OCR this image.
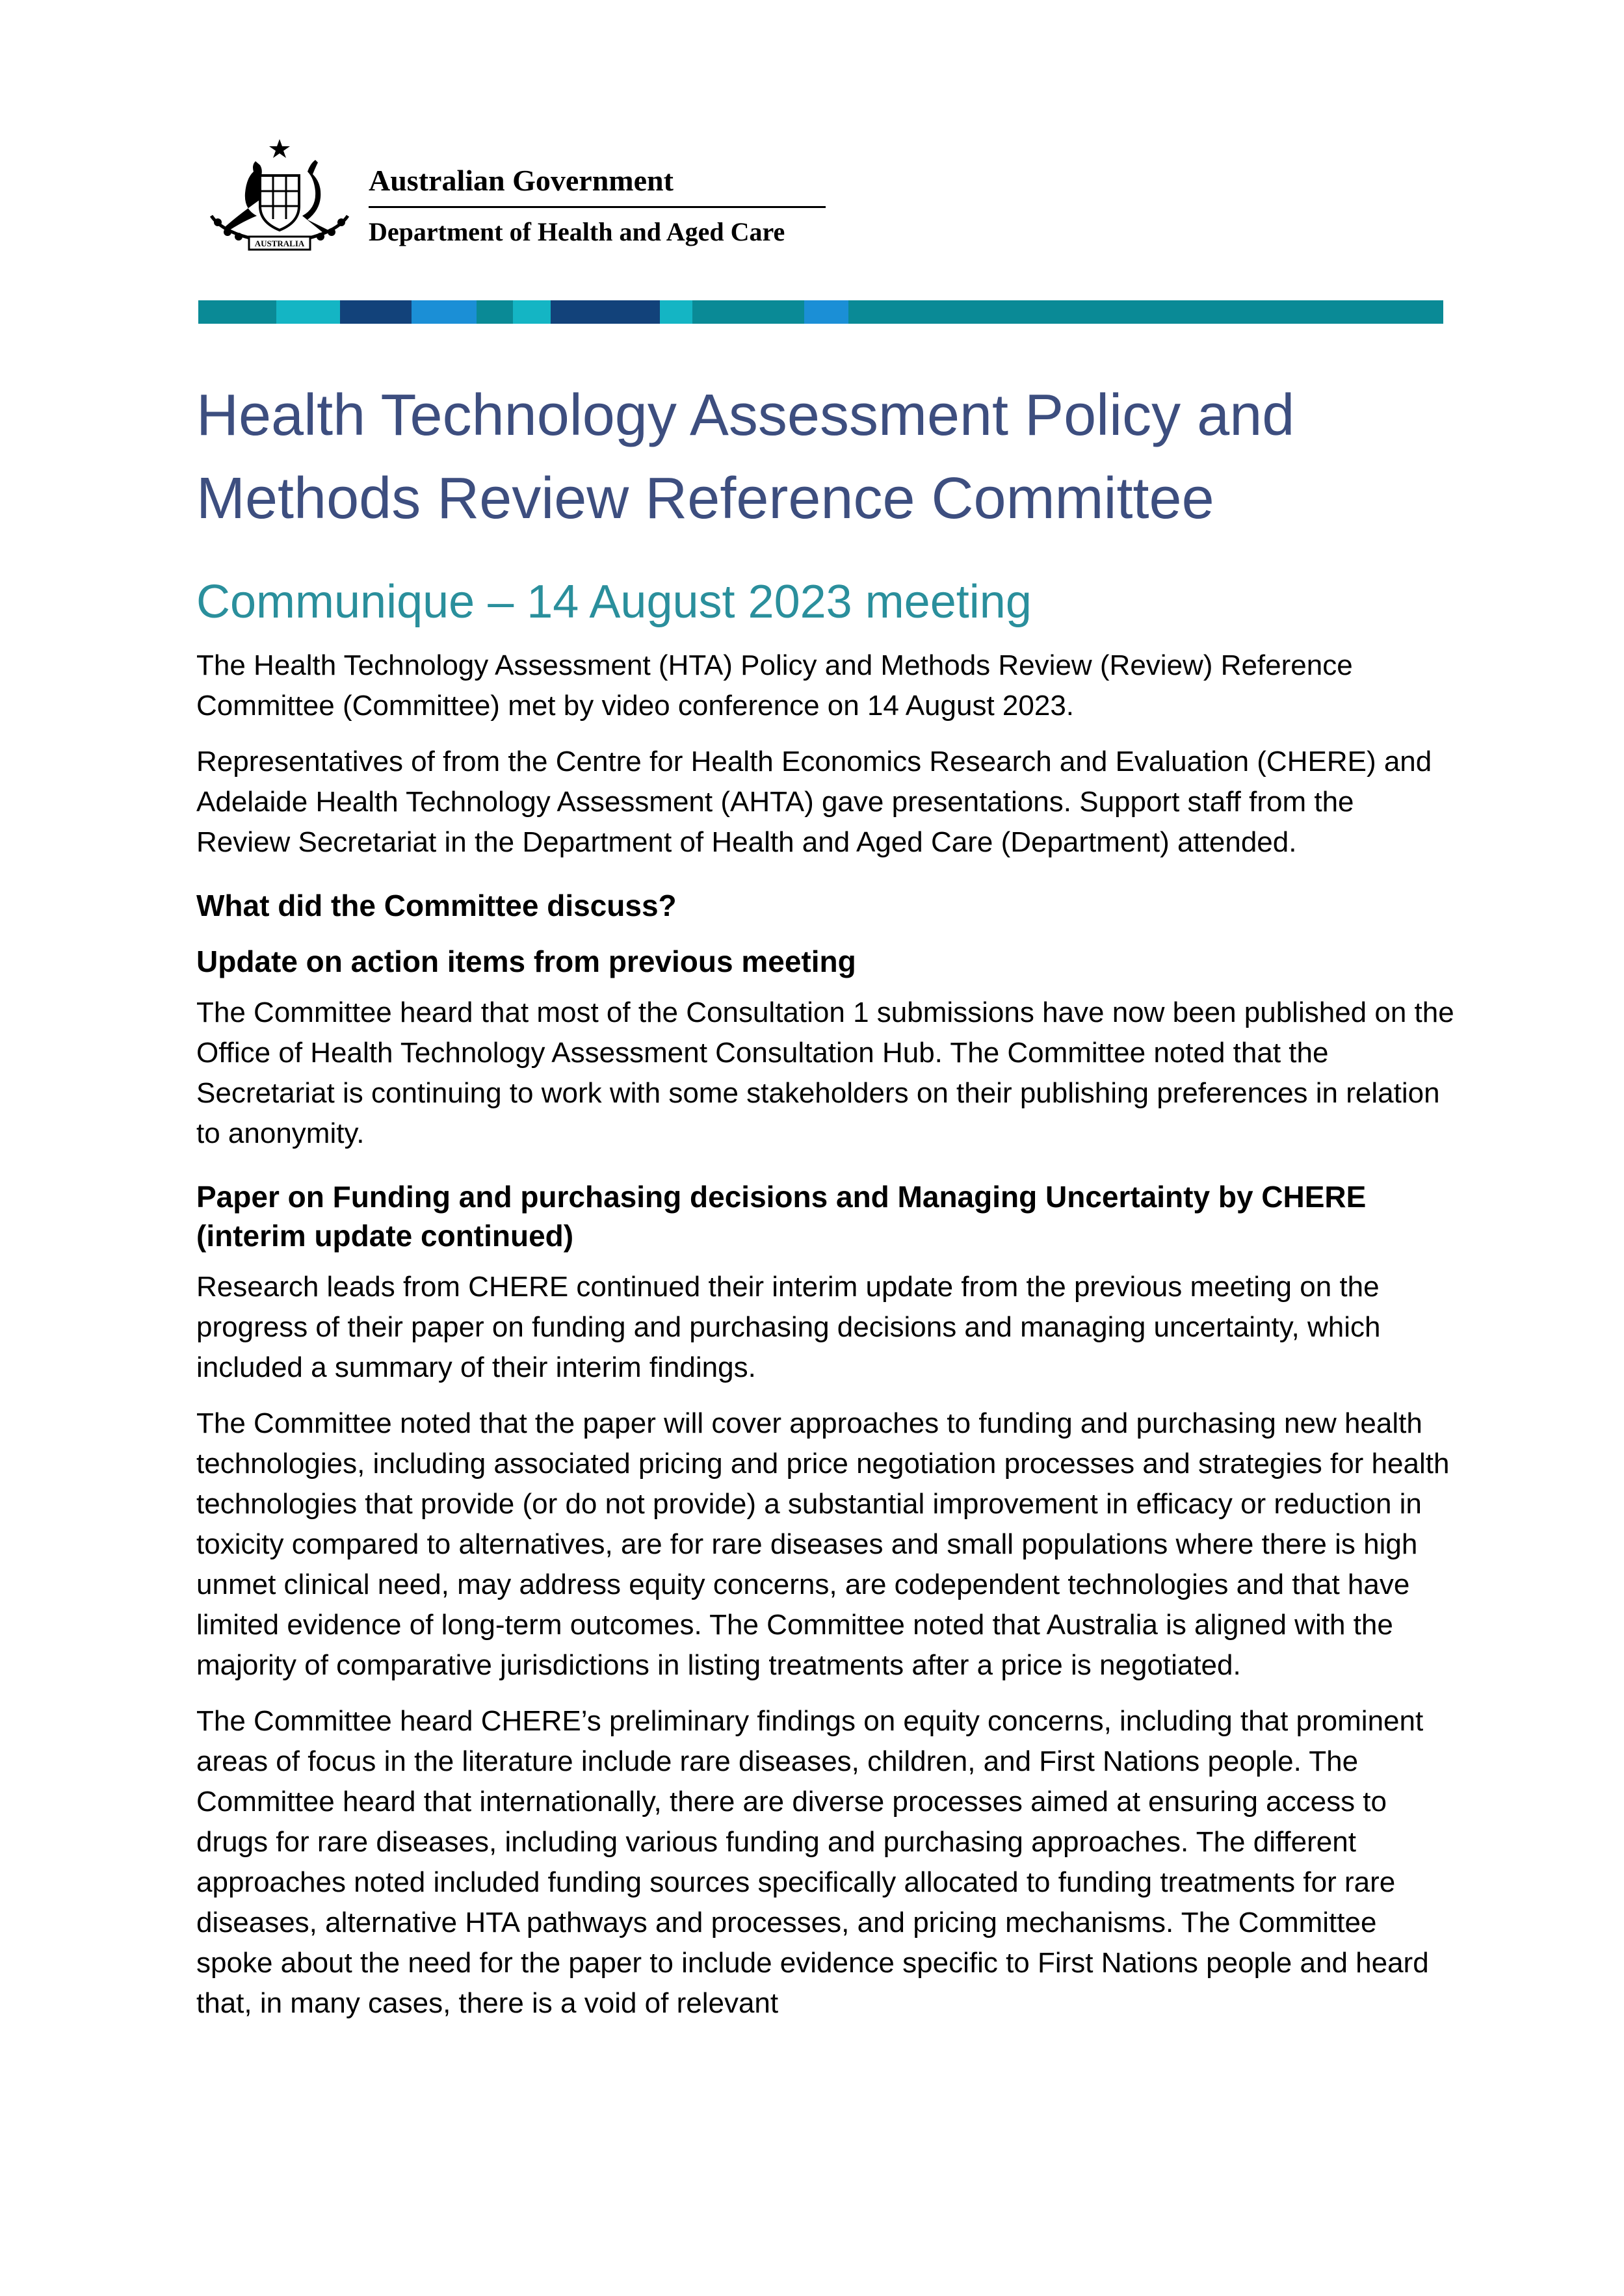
AUSTRALIA
Australian Government
Department of Health and Aged Care
Health Technology Assessment Policy and Methods Review Reference Committee
Communique – 14 August 2023 meeting

The Health Technology Assessment (HTA) Policy and Methods Review (Review) Reference Committee (Committee) met by video conference on 14 August 2023.

Representatives of from the Centre for Health Economics Research and Evaluation (CHERE) and Adelaide Health Technology Assessment (AHTA) gave presentations. Support staff from the Review Secretariat in the Department of Health and Aged Care (Department) attended.

What did the Committee discuss?
Update on action items from previous meeting

The Committee heard that most of the Consultation 1 submissions have now been published on the Office of Health Technology Assessment Consultation Hub. The Committee noted that the Secretariat is continuing to work with some stakeholders on their publishing preferences in relation to anonymity.

Paper on Funding and purchasing decisions and Managing Uncertainty by CHERE (interim update continued)

Research leads from CHERE continued their interim update from the previous meeting on the progress of their paper on funding and purchasing decisions and managing uncertainty, which included a summary of their interim findings.

The Committee noted that the paper will cover approaches to funding and purchasing new health technologies, including associated pricing and price negotiation processes and strategies for health technologies that provide (or do not provide) a substantial improvement in efficacy or reduction in toxicity compared to alternatives, are for rare diseases and small populations where there is high unmet clinical need, may address equity concerns, are codependent technologies and that have limited evidence of long-term outcomes. The Committee noted that Australia is aligned with the majority of comparative jurisdictions in listing treatments after a price is negotiated.

The Committee heard CHERE’s preliminary findings on equity concerns, including that prominent areas of focus in the literature include rare diseases, children, and First Nations people. The Committee heard that internationally, there are diverse processes aimed at ensuring access to drugs for rare diseases, including various funding and purchasing approaches. The different approaches noted included funding sources specifically allocated to funding treatments for rare diseases, alternative HTA pathways and processes, and pricing mechanisms. The Committee spoke about the need for the paper to include evidence specific to First Nations people and heard that, in many cases, there is a void of relevant
